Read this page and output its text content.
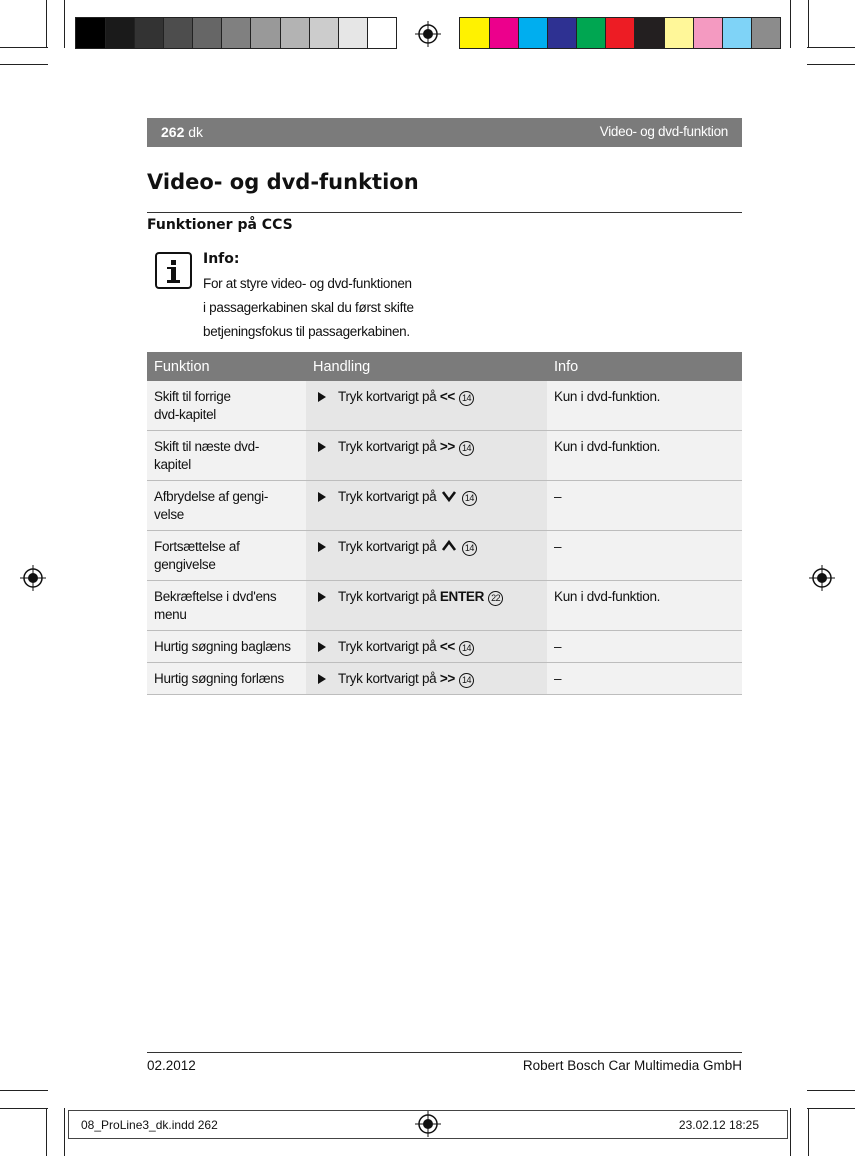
262 dk	Video- og dvd-funktion
Video- og dvd-funktion
Funktioner på CCS
Info:
For at styre video- og dvd-funktionen
i passagerkabinen skal du først skifte
betjeningsfokus til passagerkabinen.
Funktion	Handling	Info

Skift til forrige
dvd-kapitel	Tryk kortvarigt på << 14	Kun i dvd-funktion.

Skift til næste dvd-
kapitel	Tryk kortvarigt på >> 14	Kun i dvd-funktion.

Afbrydelse af gengi-
velse	Tryk kortvarigt på 14	–

Fortsættelse af
gengivelse	Tryk kortvarigt på 14	–

Bekræftelse i dvd'ens
menu	Tryk kortvarigt på ENTER 22	Kun i dvd-funktion.

Hurtig søgning baglæns	Tryk kortvarigt på << 14	–

Hurtig søgning forlæns	Tryk kortvarigt på >> 14	–
02.2012	Robert Bosch Car Multimedia GmbH
08_ProLine3_dk.indd 262	23.02.12 18:25
